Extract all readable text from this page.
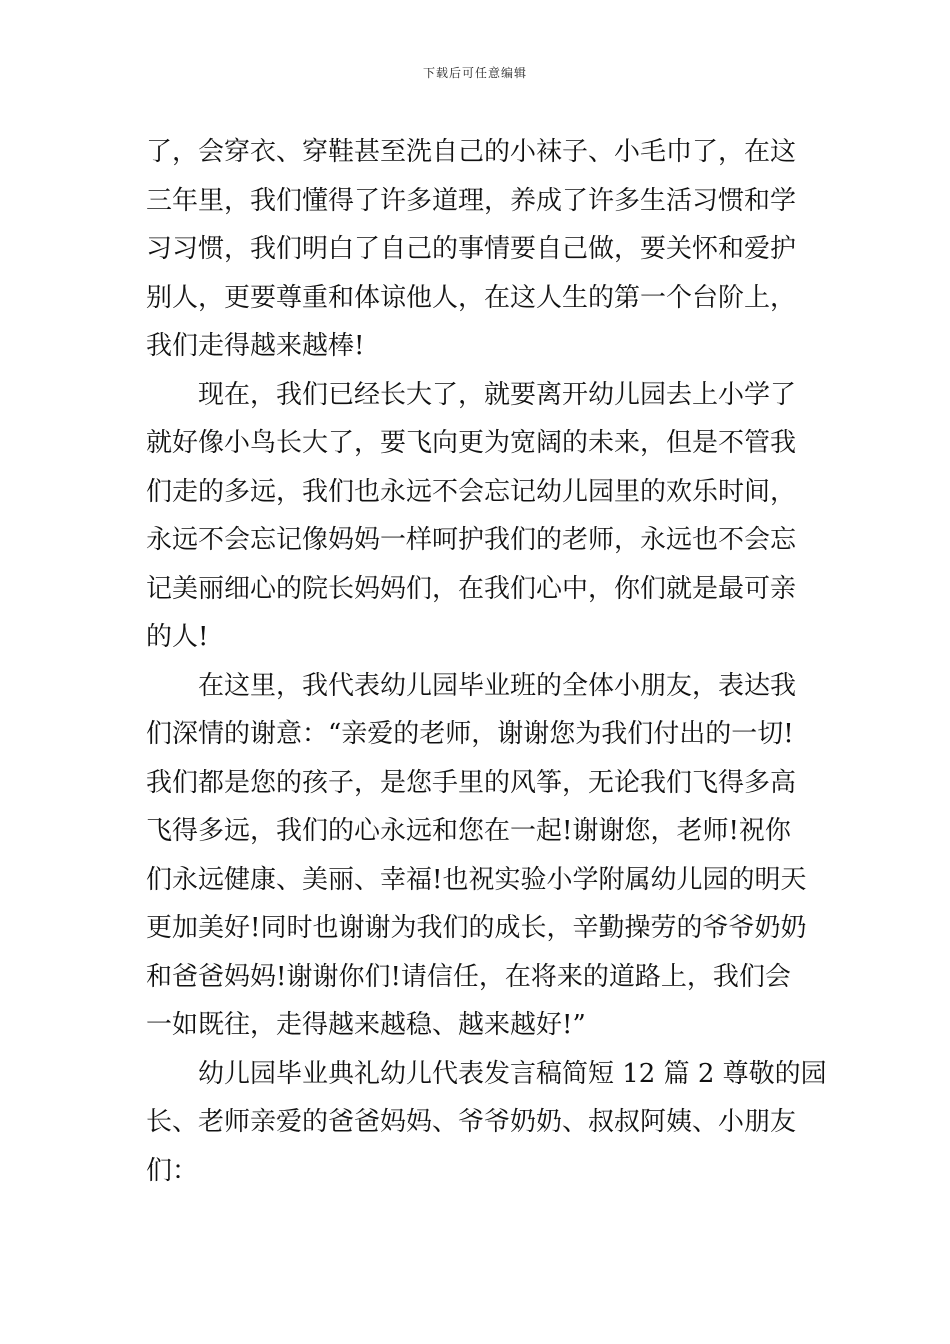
下载后可任意编辑
了，会穿衣、穿鞋甚至洗自己的小袜子、小毛巾了，在这
三年里，我们懂得了许多道理，养成了许多生活习惯和学
习习惯，我们明白了自己的事情要自己做，要关怀和爱护
别人，更要尊重和体谅他人，在这人生的第一个台阶上，
我们走得越来越棒!
现在，我们已经长大了，就要离开幼儿园去上小学了
就好像小鸟长大了，要飞向更为宽阔的未来，但是不管我
们走的多远，我们也永远不会忘记幼儿园里的欢乐时间，
永远不会忘记像妈妈一样呵护我们的老师，永远也不会忘
记美丽细心的院长妈妈们，在我们心中，你们就是最可亲
的人!
在这里，我代表幼儿园毕业班的全体小朋友，表达我
们深情的谢意：“亲爱的老师，谢谢您为我们付出的一切!
我们都是您的孩子，是您手里的风筝，无论我们飞得多高
飞得多远，我们的心永远和您在一起!谢谢您，老师!祝你
们永远健康、美丽、幸福!也祝实验小学附属幼儿园的明天
更加美好!同时也谢谢为我们的成长，辛勤操劳的爷爷奶奶
和爸爸妈妈!谢谢你们!请信任，在将来的道路上，我们会
一如既往，走得越来越稳、越来越好!”
幼儿园毕业典礼幼儿代表发言稿简短 12 篇 2 尊敬的园
长、老师亲爱的爸爸妈妈、爷爷奶奶、叔叔阿姨、小朋友
们：
